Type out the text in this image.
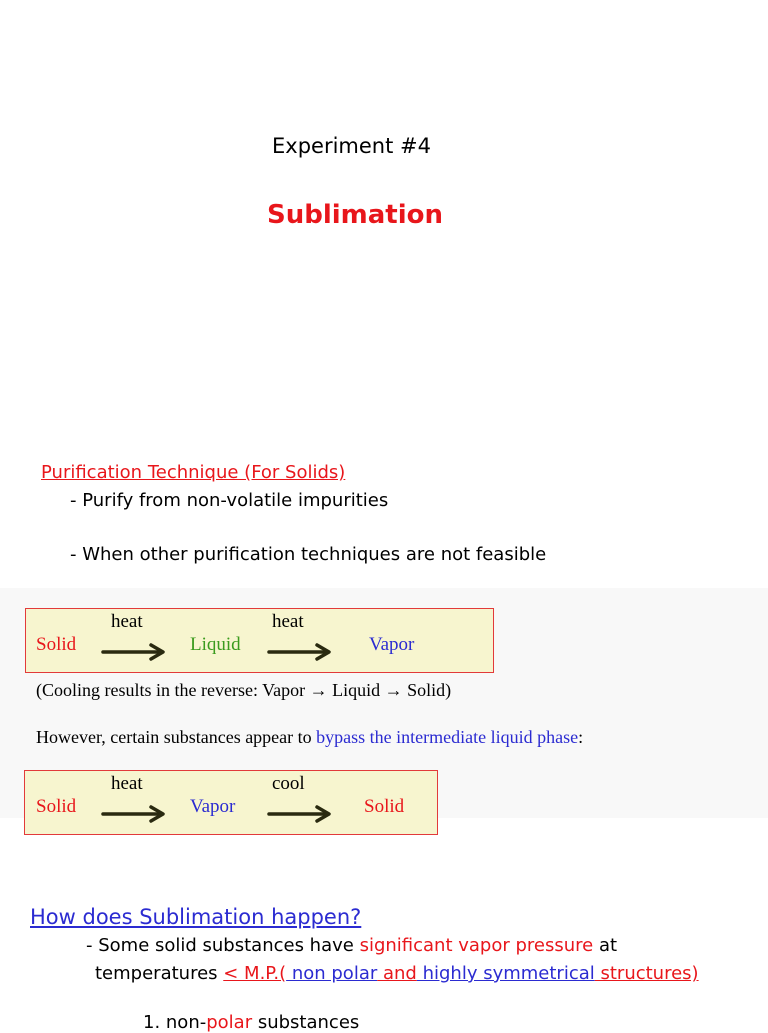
Experiment #4
Sublimation
Purification Technique (For Solids)
- Purify from non-volatile impurities
- When other purification techniques are not feasible
heat	heat
Solid	Liquid	Vapor
(Cooling results in the reverse: Vapor → Liquid → Solid)
However, certain substances appear to bypass the intermediate liquid phase:
heat	cool
Solid	Vapor	Solid
How does Sublimation happen?
- Some solid substances have significant vapor pressure at
temperatures < M.P.( non polar and highly symmetrical structures)
1. non-polar substances
